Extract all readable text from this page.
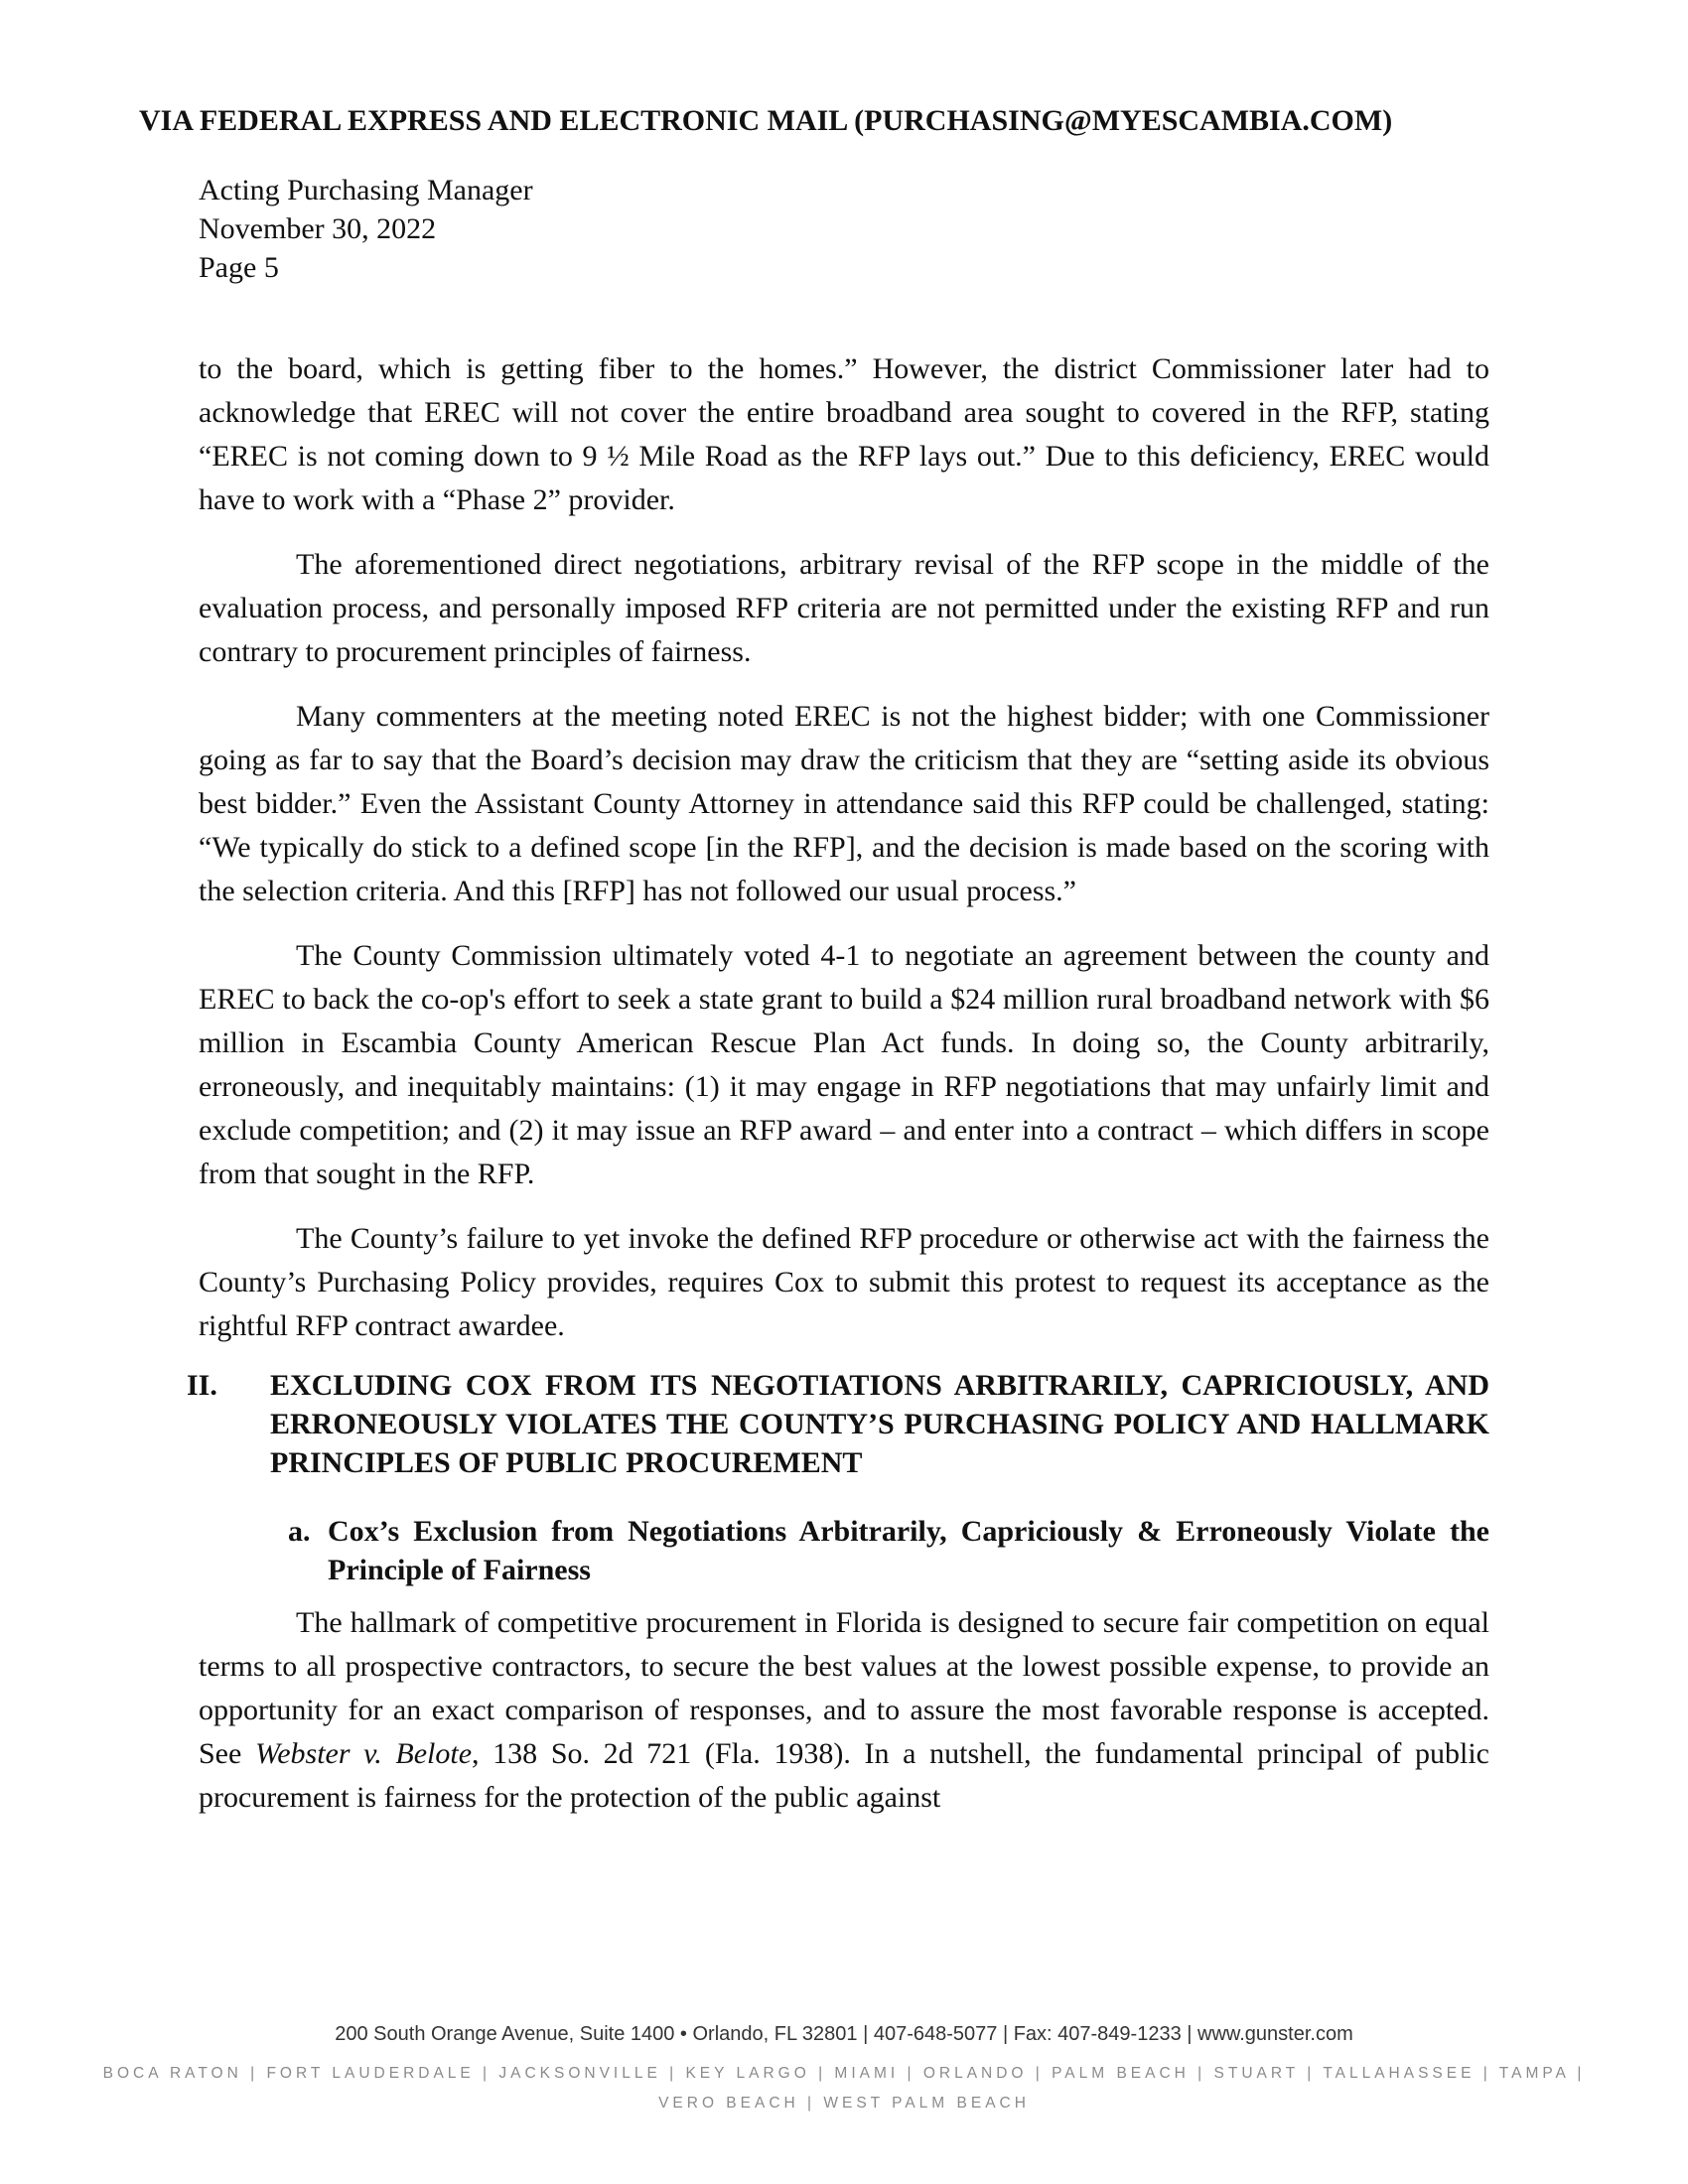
VIA FEDERAL EXPRESS AND ELECTRONIC MAIL (PURCHASING@MYESCAMBIA.COM)
Acting Purchasing Manager
November 30, 2022
Page 5

to the board, which is getting fiber to the homes.” However, the district Commissioner later had to acknowledge that EREC will not cover the entire broadband area sought to covered in the RFP, stating “EREC is not coming down to 9 ½ Mile Road as the RFP lays out.” Due to this deficiency, EREC would have to work with a “Phase 2” provider.

The aforementioned direct negotiations, arbitrary revisal of the RFP scope in the middle of the evaluation process, and personally imposed RFP criteria are not permitted under the existing RFP and run contrary to procurement principles of fairness.

Many commenters at the meeting noted EREC is not the highest bidder; with one Commissioner going as far to say that the Board’s decision may draw the criticism that they are “setting aside its obvious best bidder.” Even the Assistant County Attorney in attendance said this RFP could be challenged, stating: “We typically do stick to a defined scope [in the RFP], and the decision is made based on the scoring with the selection criteria. And this [RFP] has not followed our usual process.”

The County Commission ultimately voted 4-1 to negotiate an agreement between the county and EREC to back the co-op's effort to seek a state grant to build a $24 million rural broadband network with $6 million in Escambia County American Rescue Plan Act funds. In doing so, the County arbitrarily, erroneously, and inequitably maintains: (1) it may engage in RFP negotiations that may unfairly limit and exclude competition; and (2) it may issue an RFP award – and enter into a contract – which differs in scope from that sought in the RFP.

The County’s failure to yet invoke the defined RFP procedure or otherwise act with the fairness the County’s Purchasing Policy provides, requires Cox to submit this protest to request its acceptance as the rightful RFP contract awardee.

II. EXCLUDING COX FROM ITS NEGOTIATIONS ARBITRARILY, CAPRICIOUSLY, AND ERRONEOUSLY VIOLATES THE COUNTY’S PURCHASING POLICY AND HALLMARK PRINCIPLES OF PUBLIC PROCUREMENT
a. Cox’s Exclusion from Negotiations Arbitrarily, Capriciously & Erroneously Violate the Principle of Fairness

The hallmark of competitive procurement in Florida is designed to secure fair competition on equal terms to all prospective contractors, to secure the best values at the lowest possible expense, to provide an opportunity for an exact comparison of responses, and to assure the most favorable response is accepted. See Webster v. Belote, 138 So. 2d 721 (Fla. 1938). In a nutshell, the fundamental principal of public procurement is fairness for the protection of the public against

200 South Orange Avenue, Suite 1400 • Orlando, FL 32801 | 407-648-5077 | Fax: 407-849-1233 | www.gunster.com
BOCA RATON | FORT LAUDERDALE | JACKSONVILLE | KEY LARGO | MIAMI | ORLANDO | PALM BEACH | STUART | TALLAHASSEE | TAMPA | VERO BEACH | WEST PALM BEACH
